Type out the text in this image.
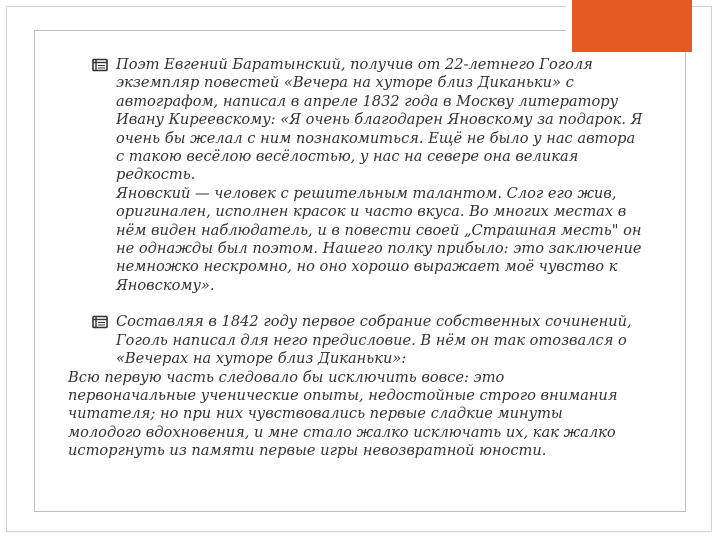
Поэт Евгений Баратынский, получив от 22-летнего Гоголя
экземпляр повестей «Вечера на хуторе близ Диканьки» с
автографом, написал в апреле 1832 года в Москву литератору
Ивану Киреевскому: «Я очень благодарен Яновскому за подарок. Я
очень бы желал с ним познакомиться. Ещё не было у нас автора
с такою весёлою весёлостью, у нас на севере она великая редкость.
Яновский — человек с решительным талантом. Слог его жив,
оригинален, исполнен красок и часто вкуса. Во многих местах в
нём виден наблюдатель, и в повести своей „Страшная месть" он
не однажды был поэтом. Нашего полку прибыло: это заключение
немножко нескромно, но оно хорошо выражает моё чувство к
Яновскому».

Составляя в 1842 году первое собрание собственных сочинений,
Гоголь написал для него предисловие. В нём он так отозвался о
«Вечерах на хуторе близ Диканьки»:

Всю первую часть следовало бы исключить вовсе: это
первоначальные ученические опыты, недостойные строго внимания
читателя; но при них чувствовались первые сладкие минуты
молодого вдохновения, и мне стало жалко исключать их, как жалко
исторгнуть из памяти первые игры невозвратной юности.
